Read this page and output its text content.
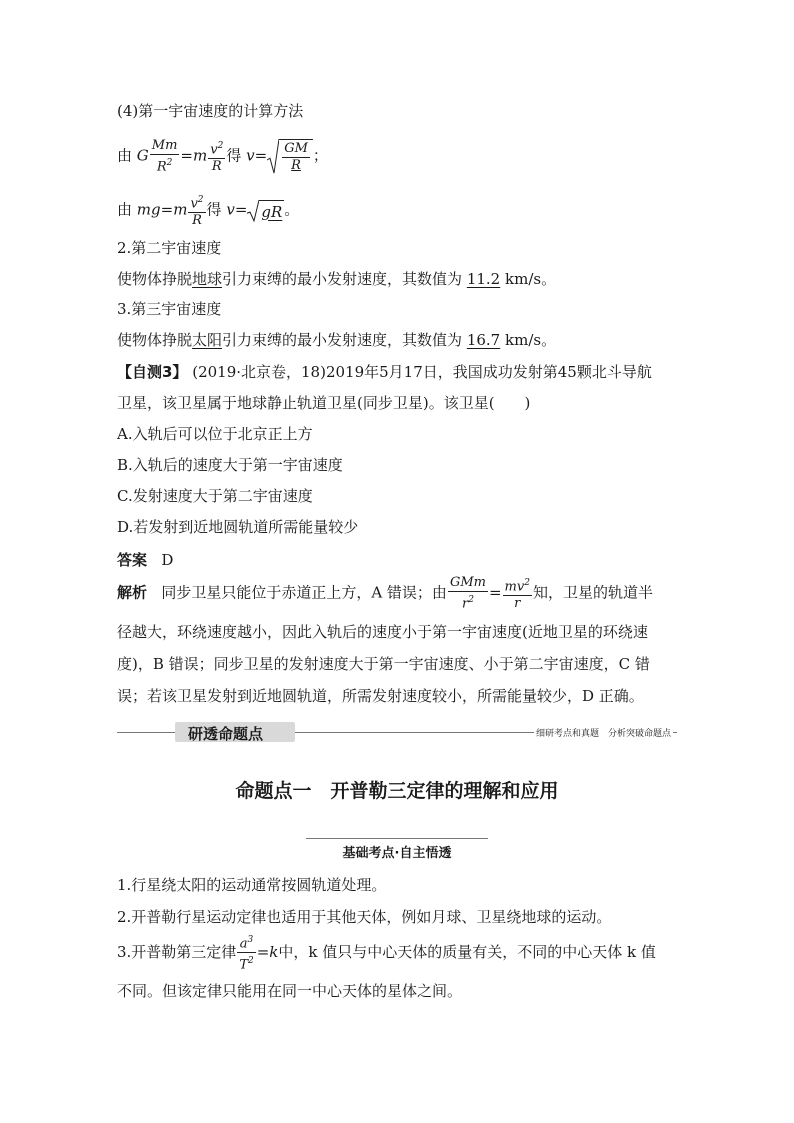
(4)第一宇宙速度的计算方法
由 G $\frac{Mm}{R^2} =m \frac{v^2}{R}$ 得 $v= \frac{GM}{R}$ ；
由 $mg=m \frac{v^2}{R}$ 得 v= gR 。
2.第二宇宙速度
使物体挣脱地球引力束缚的最小发射速度，其数值为 11.2 km/s。
3.第三宇宙速度
使物体挣脱太阳引力束缚的最小发射速度，其数值为 16.7 km/s。
【自测3】 (2019·北京卷，18)2019年5月17日，我国成功发射第45颗北斗导航
卫星，该卫星属于地球静止轨道卫星(同步卫星)。该卫星(　　)
A.入轨后可以位于北京正上方
B.入轨后的速度大于第一宇宙速度
C.发射速度大于第二宇宙速度
D.若发射到近地圆轨道所需能量较少
答案 D
解析 同步卫星只能位于赤道正上方，A 错误；由 $\frac{\text{GMm}}{r^2} = \frac{mv^2}{r}$ 知，卫星的轨道半
径越大，环绕速度越小，因此入轨后的速度小于第一宇宙速度(近地卫星的环绕速
度)，B 错误；同步卫星的发射速度大于第一宇宙速度、小于第二宇宙速度，C 错
误；若该卫星发射到近地圆轨道，所需发射速度较小，所需能量较少，D 正确。
研透命题点	细研考点和真题　分析突破命题点
命题点一　开普勒三定律的理解和应用
基础考点·自主悟透
1.行星绕太阳的运动通常按圆轨道处理。
2.开普勒行星运动定律也适用于其他天体，例如月球、卫星绕地球的运动。
3.开普勒第三定律 $\frac{a^3}{T^2} =k$中，k 值只与中心天体的质量有关，不同的中心天体 k 值
不同。但该定律只能用在同一中心天体的星体之间。
